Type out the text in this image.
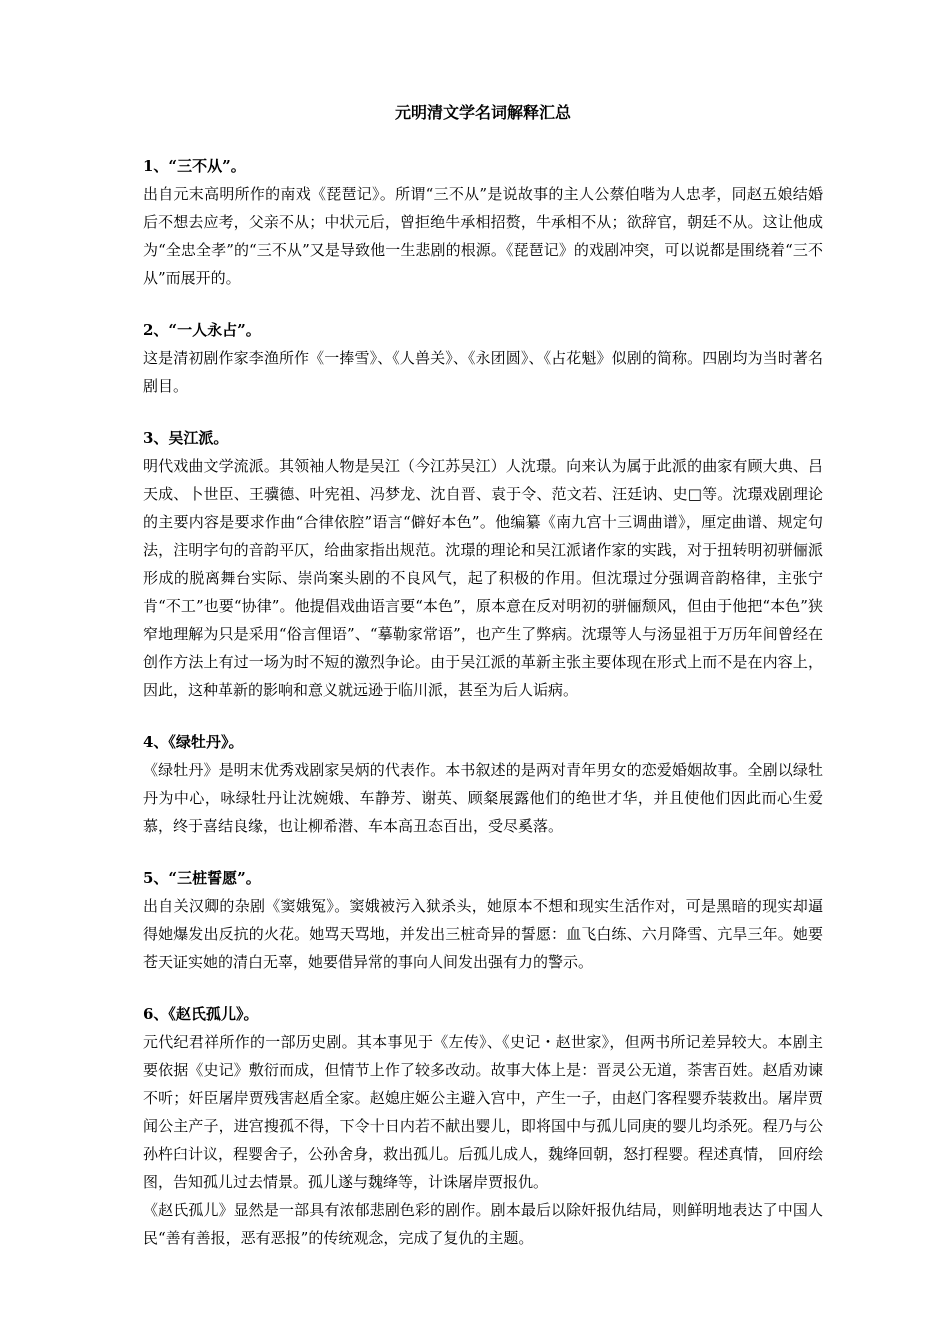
元明清文学名词解释汇总

1、“三不从”。

出自元末高明所作的南戏《琵琶记》。所谓“三不从”是说故事的主人公蔡伯喈为人忠孝，同赵五娘结婚后不想去应考，父亲不从；中状元后，曾拒绝牛承相招赘，牛承相不从；欲辞官，朝廷不从。这让他成为“全忠全孝”的“三不从”又是导致他一生悲剧的根源。《琵琶记》的戏剧冲突，可以说都是围绕着“三不从”而展开的。

2、“一人永占”。

这是清初剧作家李渔所作《一捧雪》、《人兽关》、《永团圆》、《占花魁》似剧的简称。四剧均为当时著名剧目。

3、吴江派。

明代戏曲文学流派。其领袖人物是吴江（今江苏吴江）人沈璟。向来认为属于此派的曲家有顾大典、吕天成、卜世臣、王骥德、叶宪祖、冯梦龙、沈自晋、袁于令、范文若、汪廷讷、史□等。沈璟戏剧理论的主要内容是要求作曲“合律依腔”语言“僻好本色”。他编纂《南九宫十三调曲谱》，厘定曲谱、规定句法，注明字句的音韵平仄，给曲家指出规范。沈璟的理论和吴江派诸作家的实践，对于扭转明初骈俪派形成的脱离舞台实际、崇尚案头剧的不良风气，起了积极的作用。但沈璟过分强调音韵格律，主张宁肯“不工”也要“协律”。他提倡戏曲语言要“本色”，原本意在反对明初的骈俪颓风，但由于他把“本色”狭窄地理解为只是采用“俗言俚语”、“摹勒家常语”，也产生了弊病。沈璟等人与汤显祖于万历年间曾经在创作方法上有过一场为时不短的激烈争论。由于吴江派的革新主张主要体现在形式上而不是在内容上，因此，这种革新的影响和意义就远逊于临川派，甚至为后人诟病。

4、《绿牡丹》。

《绿牡丹》是明末优秀戏剧家吴炳的代表作。本书叙述的是两对青年男女的恋爱婚姻故事。全剧以绿牡丹为中心，咏绿牡丹让沈婉娥、车静芳、谢英、顾粲展露他们的绝世才华，并且使他们因此而心生爱慕，终于喜结良缘，也让柳希潜、车本高丑态百出，受尽奚落。

5、“三桩誓愿”。

出自关汉卿的杂剧《窦娥冤》。窦娥被污入狱杀头，她原本不想和现实生活作对，可是黑暗的现实却逼得她爆发出反抗的火花。她骂天骂地，并发出三桩奇异的誓愿：血飞白练、六月降雪、亢旱三年。她要苍天证实她的清白无辜，她要借异常的事向人间发出强有力的警示。

6、《赵氏孤儿》。

元代纪君祥所作的一部历史剧。其本事见于《左传》、《史记・赵世家》，但两书所记差异较大。本剧主要依据《史记》敷衍而成，但情节上作了较多改动。故事大体上是：晋灵公无道，荼害百姓。赵盾劝谏不听；奸臣屠岸贾残害赵盾全家。赵媳庄姬公主避入宫中，产生一子，由赵门客程婴乔装救出。屠岸贾闻公主产子，进宫搜孤不得，下令十日内若不献出婴儿，即将国中与孤儿同庚的婴儿均杀死。程乃与公孙杵臼计议，程婴舍子，公孙舍身，救出孤儿。后孤儿成人，魏绛回朝，怒打程婴。程述真情， 回府绘图，告知孤儿过去情景。孤儿遂与魏绛等，计诛屠岸贾报仇。

《赵氏孤儿》显然是一部具有浓郁悲剧色彩的剧作。剧本最后以除奸报仇结局，则鲜明地表达了中国人民“善有善报，恶有恶报”的传统观念，完成了复仇的主题。
